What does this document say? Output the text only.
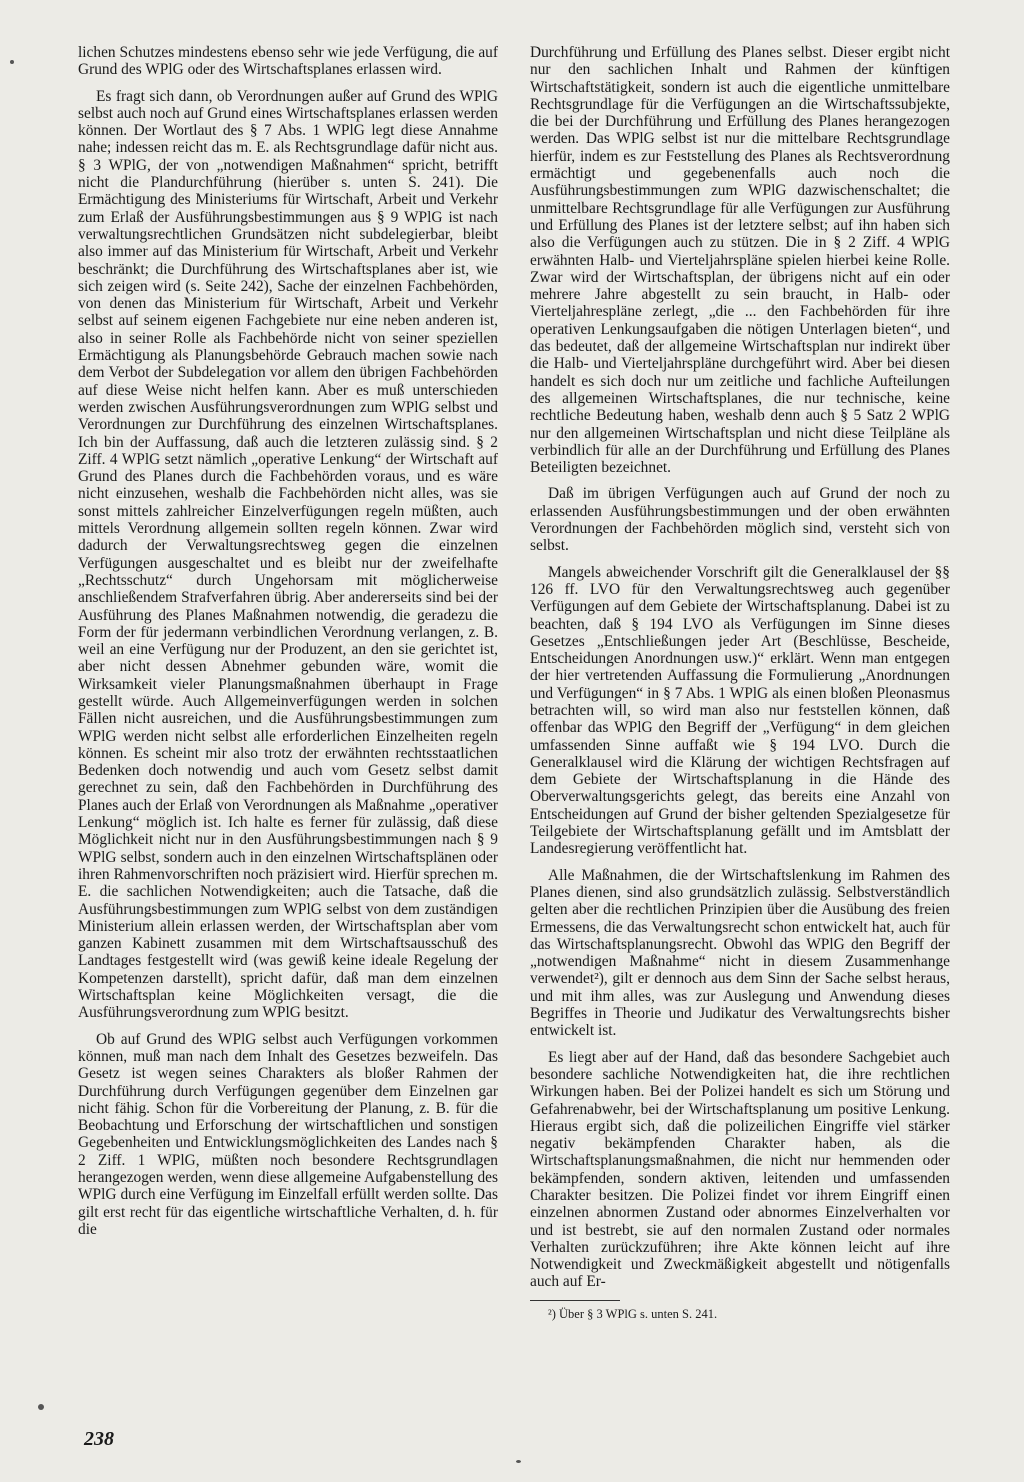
lichen Schutzes mindestens ebenso sehr wie jede Verfügung, die auf Grund des WPlG oder des Wirtschaftsplanes erlassen wird.

Es fragt sich dann, ob Verordnungen außer auf Grund des WPlG selbst auch noch auf Grund eines Wirtschaftsplanes erlassen werden können. Der Wortlaut des § 7 Abs. 1 WPlG legt diese Annahme nahe; indessen reicht das m. E. als Rechtsgrundlage dafür nicht aus. § 3 WPlG, der von „notwendigen Maßnahmen“ spricht, betrifft nicht die Plandurchführung (hierüber s. unten S. 241). Die Ermächtigung des Ministeriums für Wirtschaft, Arbeit und Verkehr zum Erlaß der Ausführungsbestimmungen aus § 9 WPlG ist nach verwaltungsrechtlichen Grundsätzen nicht subdelegierbar, bleibt also immer auf das Ministerium für Wirtschaft, Arbeit und Verkehr beschränkt; die Durchführung des Wirtschaftsplanes aber ist, wie sich zeigen wird (s. Seite 242), Sache der einzelnen Fachbehörden, von denen das Ministerium für Wirtschaft, Arbeit und Verkehr selbst auf seinem eigenen Fachgebiete nur eine neben anderen ist, also in seiner Rolle als Fachbehörde nicht von seiner speziellen Ermächtigung als Planungsbehörde Gebrauch machen sowie nach dem Verbot der Subdelegation vor allem den übrigen Fachbehörden auf diese Weise nicht helfen kann. Aber es muß unterschieden werden zwischen Ausführungsverordnungen zum WPlG selbst und Verordnungen zur Durchführung des einzelnen Wirtschaftsplanes. Ich bin der Auffassung, daß auch die letzteren zulässig sind. § 2 Ziff. 4 WPlG setzt nämlich „operative Lenkung“ der Wirtschaft auf Grund des Planes durch die Fachbehörden voraus, und es wäre nicht einzusehen, weshalb die Fachbehörden nicht alles, was sie sonst mittels zahlreicher Einzelverfügungen regeln müßten, auch mittels Verordnung allgemein sollten regeln können. Zwar wird dadurch der Verwaltungsrechtsweg gegen die einzelnen Verfügungen ausgeschaltet und es bleibt nur der zweifelhafte „Rechtsschutz“ durch Ungehorsam mit möglicherweise anschließendem Strafverfahren übrig. Aber andererseits sind bei der Ausführung des Planes Maßnahmen notwendig, die geradezu die Form der für jedermann verbindlichen Verordnung verlangen, z. B. weil an eine Verfügung nur der Produzent, an den sie gerichtet ist, aber nicht dessen Abnehmer gebunden wäre, womit die Wirksamkeit vieler Planungsmaßnahmen überhaupt in Frage gestellt würde. Auch Allgemeinverfügungen werden in solchen Fällen nicht ausreichen, und die Ausführungsbestimmungen zum WPlG werden nicht selbst alle erforderlichen Einzelheiten regeln können. Es scheint mir also trotz der erwähnten rechtsstaatlichen Bedenken doch notwendig und auch vom Gesetz selbst damit gerechnet zu sein, daß den Fachbehörden in Durchführung des Planes auch der Erlaß von Verordnungen als Maßnahme „operativer Lenkung“ möglich ist. Ich halte es ferner für zulässig, daß diese Möglichkeit nicht nur in den Ausführungsbestimmungen nach § 9 WPlG selbst, sondern auch in den einzelnen Wirtschaftsplänen oder ihren Rahmenvorschriften noch präzisiert wird. Hierfür sprechen m. E. die sachlichen Notwendigkeiten; auch die Tatsache, daß die Ausführungsbestimmungen zum WPlG selbst von dem zuständigen Ministerium allein erlassen werden, der Wirtschaftsplan aber vom ganzen Kabinett zusammen mit dem Wirtschaftsausschuß des Landtages festgestellt wird (was gewiß keine ideale Regelung der Kompetenzen darstellt), spricht dafür, daß man dem einzelnen Wirtschaftsplan keine Möglichkeiten versagt, die die Ausführungsverordnung zum WPlG besitzt.

Ob auf Grund des WPlG selbst auch Verfügungen vorkommen können, muß man nach dem Inhalt des Gesetzes bezweifeln. Das Gesetz ist wegen seines Charakters als bloßer Rahmen der Durchführung durch Verfügungen gegenüber dem Einzelnen gar nicht fähig. Schon für die Vorbereitung der Planung, z. B. für die Beobachtung und Erforschung der wirtschaftlichen und sonstigen Gegebenheiten und Entwicklungsmöglichkeiten des Landes nach § 2 Ziff. 1 WPlG, müßten noch besondere Rechtsgrundlagen herangezogen werden, wenn diese allgemeine Aufgabenstellung des WPlG durch eine Verfügung im Einzelfall erfüllt werden sollte. Das gilt erst recht für das eigentliche wirtschaftliche Verhalten, d. h. für die

Durchführung und Erfüllung des Planes selbst. Dieser ergibt nicht nur den sachlichen Inhalt und Rahmen der künftigen Wirtschaftstätigkeit, sondern ist auch die eigentliche unmittelbare Rechtsgrundlage für die Verfügungen an die Wirtschaftssubjekte, die bei der Durchführung und Erfüllung des Planes herangezogen werden. Das WPlG selbst ist nur die mittelbare Rechtsgrundlage hierfür, indem es zur Feststellung des Planes als Rechtsverordnung ermächtigt und gegebenenfalls auch noch die Ausführungsbestimmungen zum WPlG dazwischenschaltet; die unmittelbare Rechtsgrundlage für alle Verfügungen zur Ausführung und Erfüllung des Planes ist der letztere selbst; auf ihn haben sich also die Verfügungen auch zu stützen. Die in § 2 Ziff. 4 WPlG erwähnten Halb- und Vierteljahrspläne spielen hierbei keine Rolle. Zwar wird der Wirtschaftsplan, der übrigens nicht auf ein oder mehrere Jahre abgestellt zu sein braucht, in Halb- oder Vierteljahrespläne zerlegt, „die ... den Fachbehörden für ihre operativen Lenkungsaufgaben die nötigen Unterlagen bieten“, und das bedeutet, daß der allgemeine Wirtschaftsplan nur indirekt über die Halb- und Vierteljahrspläne durchgeführt wird. Aber bei diesen handelt es sich doch nur um zeitliche und fachliche Aufteilungen des allgemeinen Wirtschaftsplanes, die nur technische, keine rechtliche Bedeutung haben, weshalb denn auch § 5 Satz 2 WPlG nur den allgemeinen Wirtschaftsplan und nicht diese Teilpläne als verbindlich für alle an der Durchführung und Erfüllung des Planes Beteiligten bezeichnet.

Daß im übrigen Verfügungen auch auf Grund der noch zu erlassenden Ausführungsbestimmungen und der oben erwähnten Verordnungen der Fachbehörden möglich sind, versteht sich von selbst.

Mangels abweichender Vorschrift gilt die Generalklausel der §§ 126 ff. LVO für den Verwaltungsrechtsweg auch gegenüber Verfügungen auf dem Gebiete der Wirtschaftsplanung. Dabei ist zu beachten, daß § 194 LVO als Verfügungen im Sinne dieses Gesetzes „Entschließungen jeder Art (Beschlüsse, Bescheide, Entscheidungen Anordnungen usw.)“ erklärt. Wenn man entgegen der hier vertretenden Auffassung die Formulierung „Anordnungen und Verfügungen“ in § 7 Abs. 1 WPlG als einen bloßen Pleonasmus betrachten will, so wird man also nur feststellen können, daß offenbar das WPlG den Begriff der „Verfügung“ in dem gleichen umfassenden Sinne auffaßt wie § 194 LVO. Durch die Generalklausel wird die Klärung der wichtigen Rechtsfragen auf dem Gebiete der Wirtschaftsplanung in die Hände des Oberverwaltungsgerichts gelegt, das bereits eine Anzahl von Entscheidungen auf Grund der bisher geltenden Spezialgesetze für Teilgebiete der Wirtschaftsplanung gefällt und im Amtsblatt der Landesregierung veröffentlicht hat.

Alle Maßnahmen, die der Wirtschaftslenkung im Rahmen des Planes dienen, sind also grundsätzlich zulässig. Selbstverständlich gelten aber die rechtlichen Prinzipien über die Ausübung des freien Ermessens, die das Verwaltungsrecht schon entwickelt hat, auch für das Wirtschaftsplanungsrecht. Obwohl das WPlG den Begriff der „notwendigen Maßnahme“ nicht in diesem Zusammenhange verwendet²), gilt er dennoch aus dem Sinn der Sache selbst heraus, und mit ihm alles, was zur Auslegung und Anwendung dieses Begriffes in Theorie und Judikatur des Verwaltungsrechts bisher entwickelt ist.

Es liegt aber auf der Hand, daß das besondere Sachgebiet auch besondere sachliche Notwendigkeiten hat, die ihre rechtlichen Wirkungen haben. Bei der Polizei handelt es sich um Störung und Gefahrenabwehr, bei der Wirtschaftsplanung um positive Lenkung. Hieraus ergibt sich, daß die polizeilichen Eingriffe viel stärker negativ bekämpfenden Charakter haben, als die Wirtschaftsplanungsmaßnahmen, die nicht nur hemmenden oder bekämpfenden, sondern aktiven, leitenden und umfassenden Charakter besitzen. Die Polizei findet vor ihrem Eingriff einen einzelnen abnormen Zustand oder abnormes Einzelverhalten vor und ist bestrebt, sie auf den normalen Zustand oder normales Verhalten zurückzuführen; ihre Akte können leicht auf ihre Notwendigkeit und Zweckmäßigkeit abgestellt und nötigenfalls auch auf Er-

²) Über § 3 WPlG s. unten S. 241.

238
